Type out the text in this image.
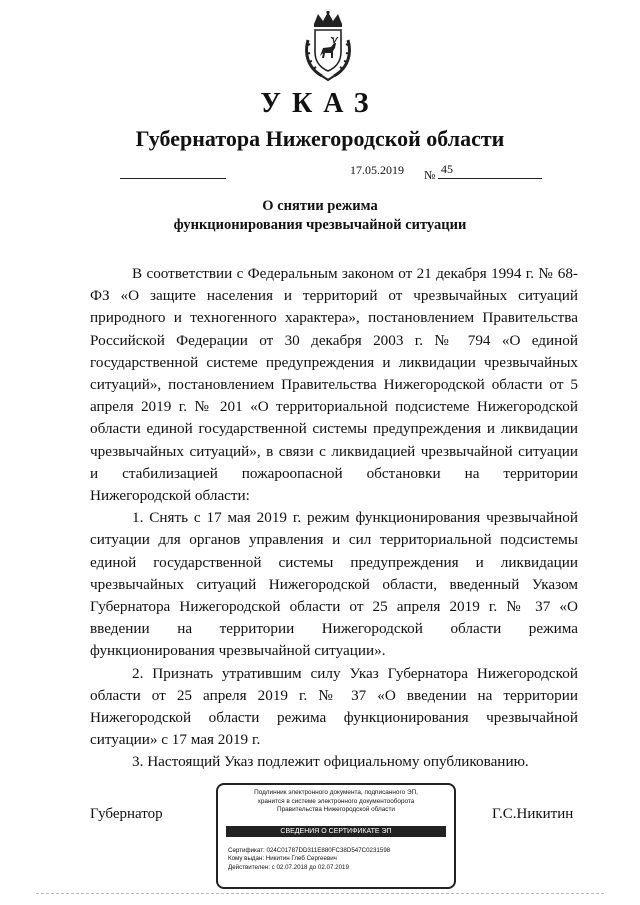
УКАЗ
Губернатора Нижегородской области
17.05.2019 № 45
О снятии режима
функционирования чрезвычайной ситуации

В соответствии с Федеральным законом от 21 декабря 1994 г. № 68-ФЗ «О защите населения и территорий от чрезвычайных ситуаций природного и техногенного характера», постановлением Правительства Российской Федерации от 30 декабря 2003 г. № 794 «О единой государственной системе предупреждения и ликвидации чрезвычайных ситуаций», постановлением Правительства Нижегородской области от 5 апреля 2019 г. № 201 «О территориальной подсистеме Нижегородской области единой государственной системы предупреждения и ликвидации чрезвычайных ситуаций», в связи с ликвидацией чрезвычайной ситуации и стабилизацией пожароопасной обстановки на территории Нижегородской области:

1. Снять с 17 мая 2019 г. режим функционирования чрезвычайной ситуации для органов управления и сил территориальной подсистемы единой государственной системы предупреждения и ликвидации чрезвычайных ситуаций Нижегородской области, введенный Указом Губернатора Нижегородской области от 25 апреля 2019 г. № 37 «О введении на территории Нижегородской области режима функционирования чрезвычайной ситуации».

2. Признать утратившим силу Указ Губернатора Нижегородской области от 25 апреля 2019 г. № 37 «О введении на территории Нижегородской области режима функционирования чрезвычайной ситуации» с 17 мая 2019 г.

3. Настоящий Указ подлежит официальному опубликованию.

Губернатор	Г.С.Никитин
Подлинник электронного документа, подписанного ЭП,
хранится в системе электронного документооборота
Правительства Нижегородской области
СВЕДЕНИЯ О СЕРТИФИКАТЕ ЭП
Сертификат: 024C01787DD311E880FC38D547C0231598
Кому выдан: Никитин Глеб Сергеевич
Действителен: с 02.07.2018 до 02.07.2019
